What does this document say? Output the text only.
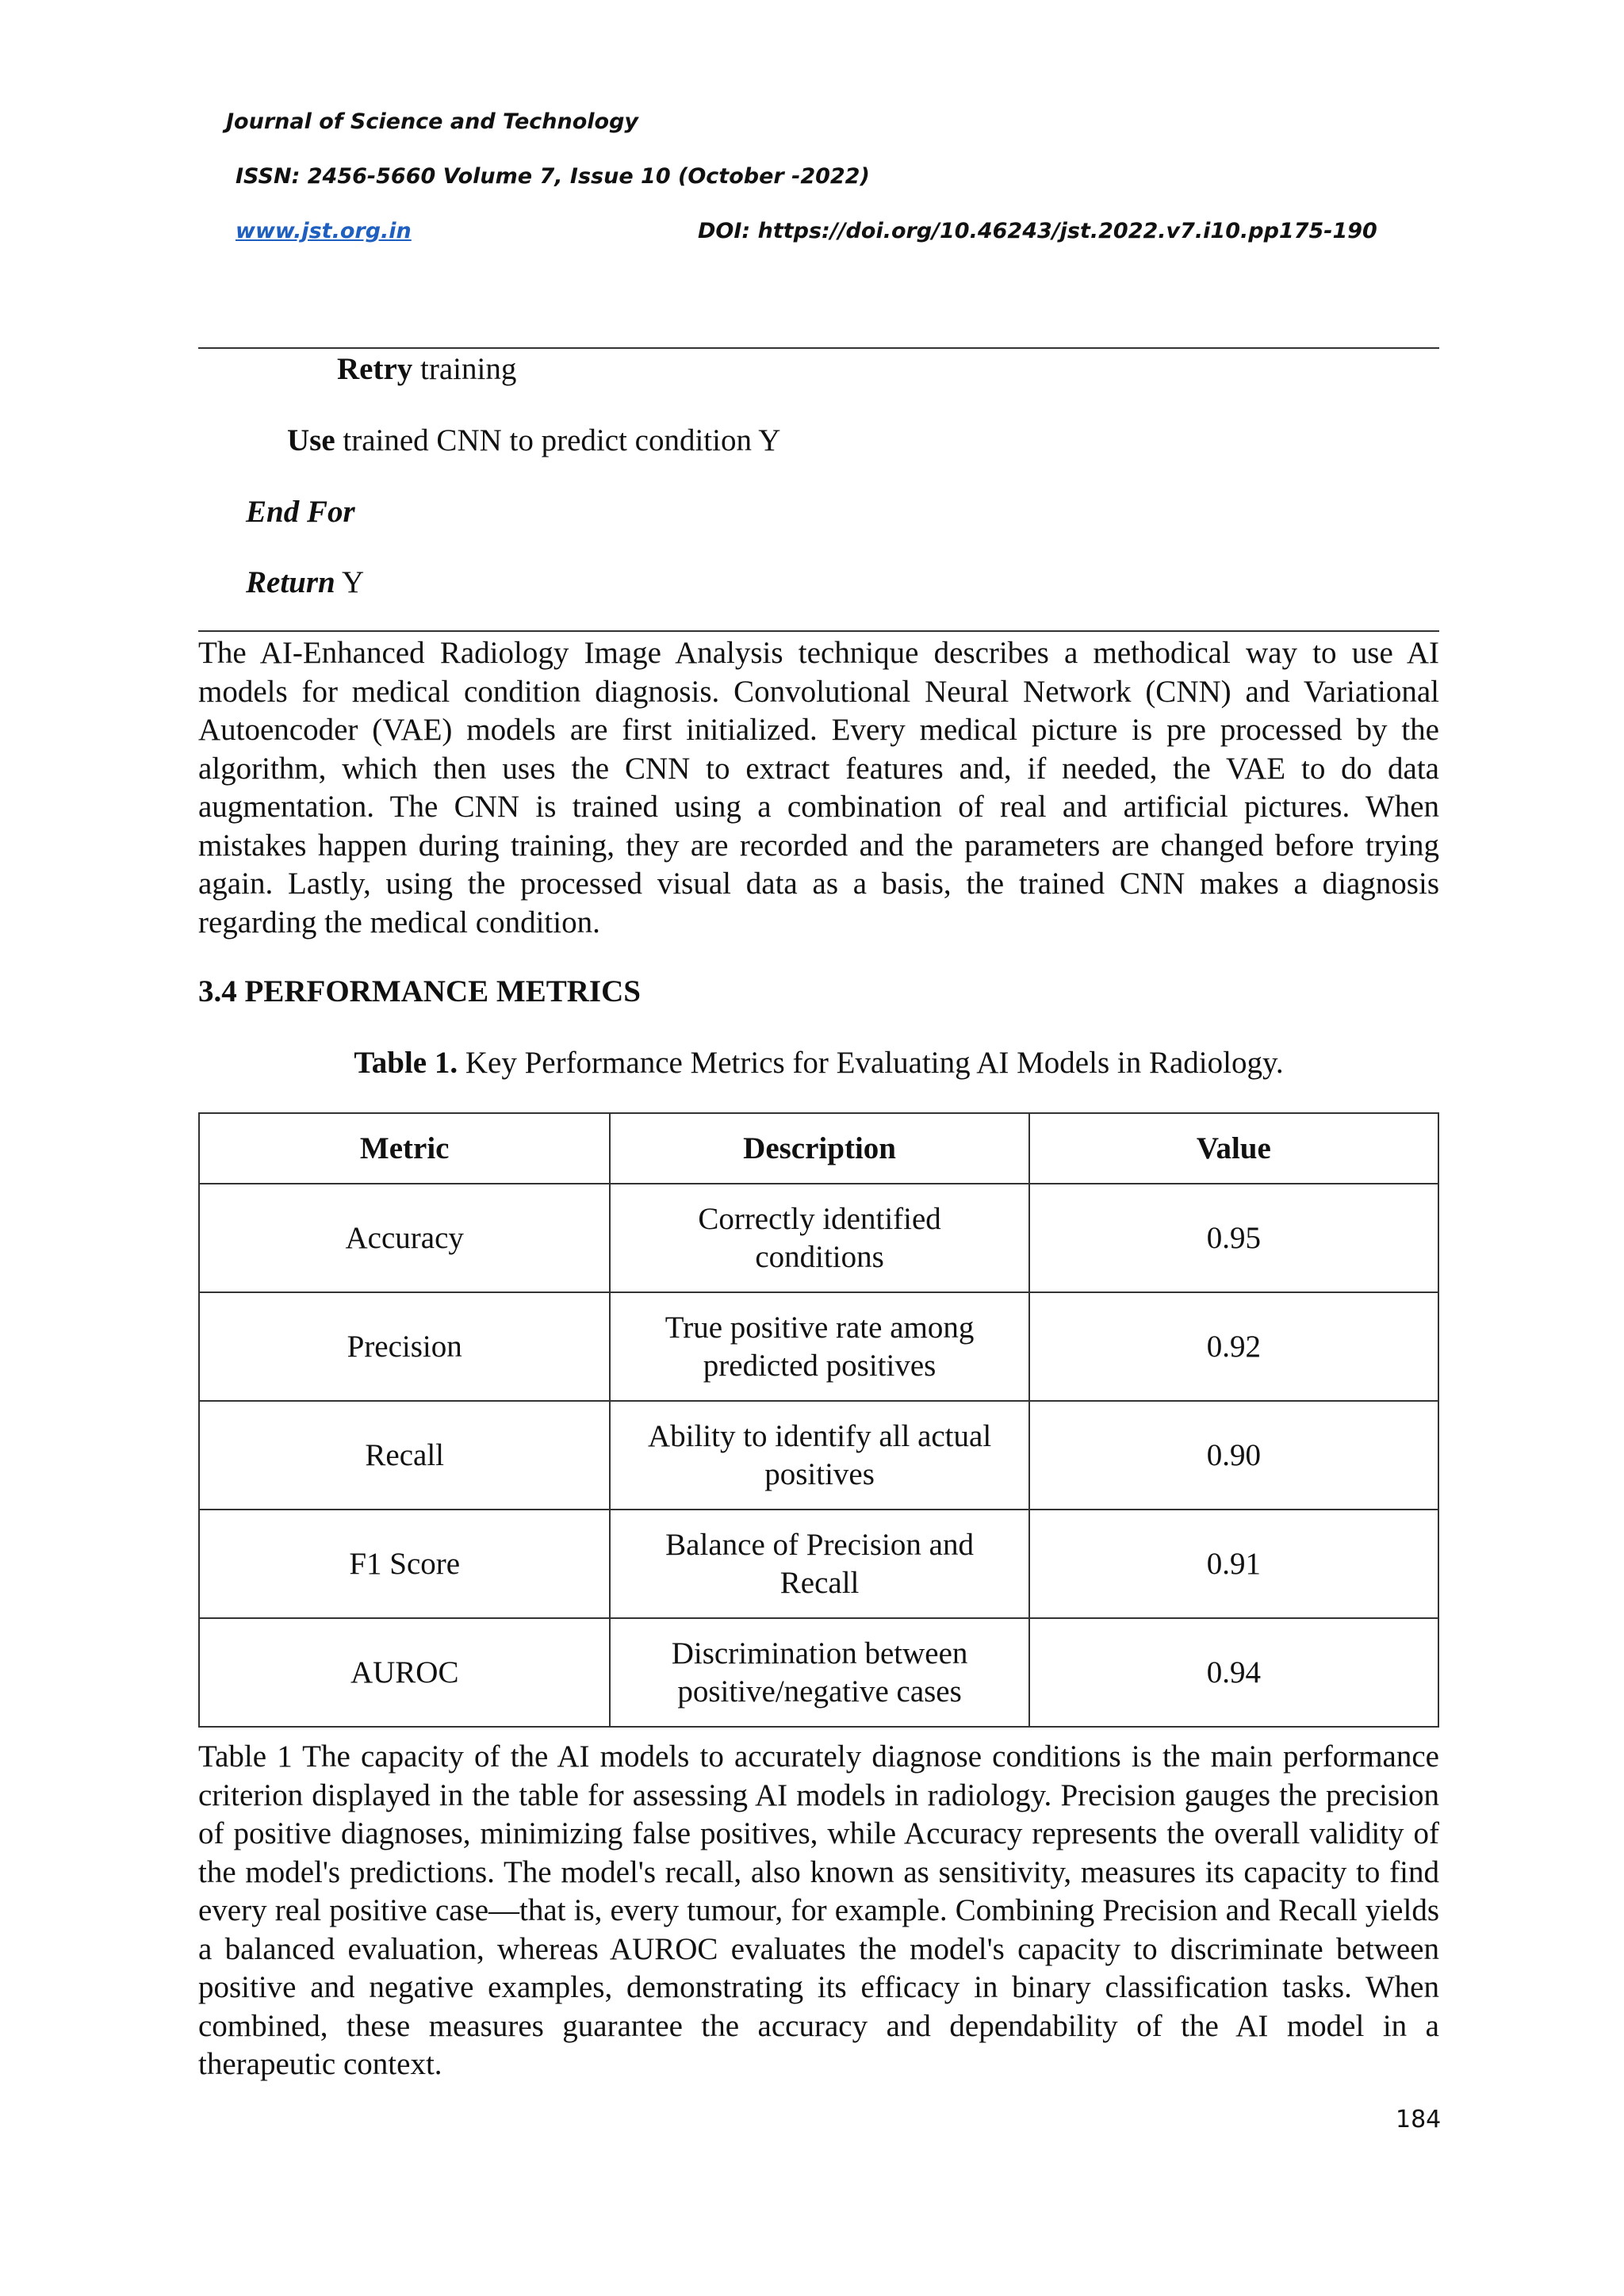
Journal of Science and Technology
ISSN: 2456-5660 Volume 7, Issue 10 (October -2022)
www.jst.org.in	DOI: https://doi.org/10.46243/jst.2022.v7.i10.pp175-190
Retry training
Use trained CNN to predict condition Y
End For
Return Y
The AI-Enhanced Radiology Image Analysis technique describes a methodical way to use AI models for medical condition diagnosis. Convolutional Neural Network (CNN) and Variational Autoencoder (VAE) models are first initialized. Every medical picture is pre processed by the algorithm, which then uses the CNN to extract features and, if needed, the VAE to do data augmentation. The CNN is trained using a combination of real and artificial pictures. When mistakes happen during training, they are recorded and the parameters are changed before trying again. Lastly, using the processed visual data as a basis, the trained CNN makes a diagnosis regarding the medical condition.
3.4 PERFORMANCE METRICS
Table 1. Key Performance Metrics for Evaluating AI Models in Radiology.
Metric	Description	Value
Accuracy	Correctly identified conditions	0.95
Precision	True positive rate among predicted positives	0.92
Recall	Ability to identify all actual positives	0.90
F1 Score	Balance of Precision and Recall	0.91
AUROC	Discrimination between positive/negative cases	0.94
Table 1 The capacity of the AI models to accurately diagnose conditions is the main performance criterion displayed in the table for assessing AI models in radiology. Precision gauges the precision of positive diagnoses, minimizing false positives, while Accuracy represents the overall validity of the model's predictions. The model's recall, also known as sensitivity, measures its capacity to find every real positive case—that is, every tumour, for example. Combining Precision and Recall yields a balanced evaluation, whereas AUROC evaluates the model's capacity to discriminate between positive and negative examples, demonstrating its efficacy in binary classification tasks. When combined, these measures guarantee the accuracy and dependability of the AI model in a therapeutic context.
184
